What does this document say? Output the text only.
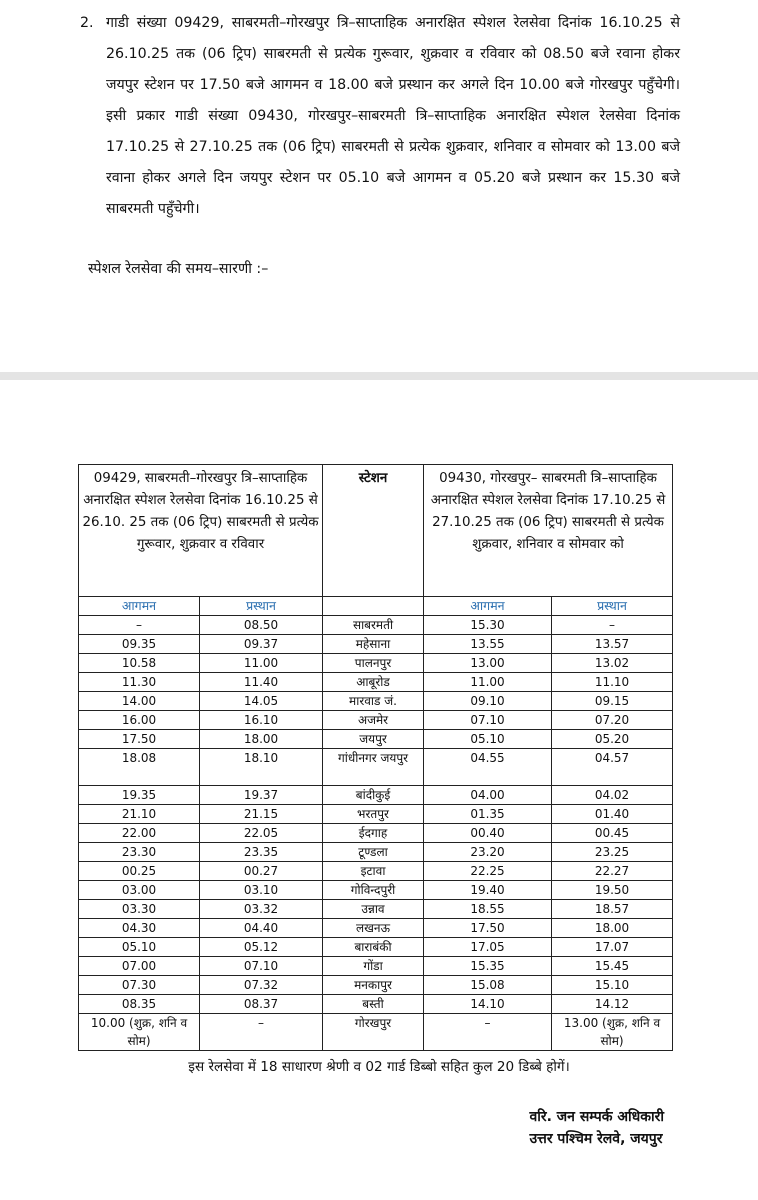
2. गाडी संख्या 09429, साबरमती–गोरखपुर त्रि–साप्ताहिक अनारक्षित स्पेशल रेलसेवा दिनांक 16.10.25 से 26.10.25 तक (06 ट्रिप) साबरमती से प्रत्येक गुरूवार, शुक्रवार व रविवार को 08.50 बजे रवाना होकर जयपुर स्टेशन पर 17.50 बजे आगमन व 18.00 बजे प्रस्थान कर अगले दिन 10.00 बजे गोरखपुर पहुँचेगी। इसी प्रकार गाडी संख्या 09430, गोरखपुर–साबरमती त्रि–साप्ताहिक अनारक्षित स्पेशल रेलसेवा दिनांक 17.10.25 से 27.10.25 तक (06 ट्रिप) साबरमती से प्रत्येक शुक्रवार, शनिवार व सोमवार को 13.00 बजे रवाना होकर अगले दिन जयपुर स्टेशन पर 05.10 बजे आगमन व 05.20 बजे प्रस्थान कर 15.30 बजे साबरमती पहुँचेगी।
स्पेशल रेलसेवा की समय–सारणी :–
09429, साबरमती–गोरखपुर त्रि–साप्ताहिक अनारक्षित स्पेशल रेलसेवा दिनांक 16.10.25 से 26.10. 25 तक (06 ट्रिप) साबरमती से प्रत्येक गुरूवार, शुक्रवार व रविवार		स्टेशन	09430, गोरखपुर– साबरमती त्रि–साप्ताहिक अनारक्षित स्पेशल रेलसेवा दिनांक 17.10.25 से 27.10.25 तक (06 ट्रिप) साबरमती से प्रत्येक शुक्रवार, शनिवार व सोमवार को	
आगमन	प्रस्थान		आगमन	प्रस्थान
–	08.50	साबरमती	15.30	–
09.35	09.37	महेसाना	13.55	13.57
10.58	11.00	पालनपुर	13.00	13.02
11.30	11.40	आबूरोड	11.00	11.10
14.00	14.05	मारवाड जं.	09.10	09.15
16.00	16.10	अजमेर	07.10	07.20
17.50	18.00	जयपुर	05.10	05.20
18.08	18.10	गांधीनगर जयपुर	04.55	04.57
19.35	19.37	बांदीकुई	04.00	04.02
21.10	21.15	भरतपुर	01.35	01.40
22.00	22.05	ईदगाह	00.40	00.45
23.30	23.35	टूण्डला	23.20	23.25
00.25	00.27	इटावा	22.25	22.27
03.00	03.10	गोविन्दपुरी	19.40	19.50
03.30	03.32	उन्नाव	18.55	18.57
04.30	04.40	लखनऊ	17.50	18.00
05.10	05.12	बाराबंकी	17.05	17.07
07.00	07.10	गोंडा	15.35	15.45
07.30	07.32	मनकापुर	15.08	15.10
08.35	08.37	बस्ती	14.10	14.12
10.00 (शुक्र, शनि व सोम)	–	गोरखपुर	–	13.00 (शुक्र, शनि व सोम)
इस रेलसेवा में 18 साधारण श्रेणी व 02 गार्ड डिब्बो सहित कुल 20 डिब्बे होगें।
वरि. जन सम्पर्क अधिकारी
उत्तर पश्चिम रेलवे, जयपुर
